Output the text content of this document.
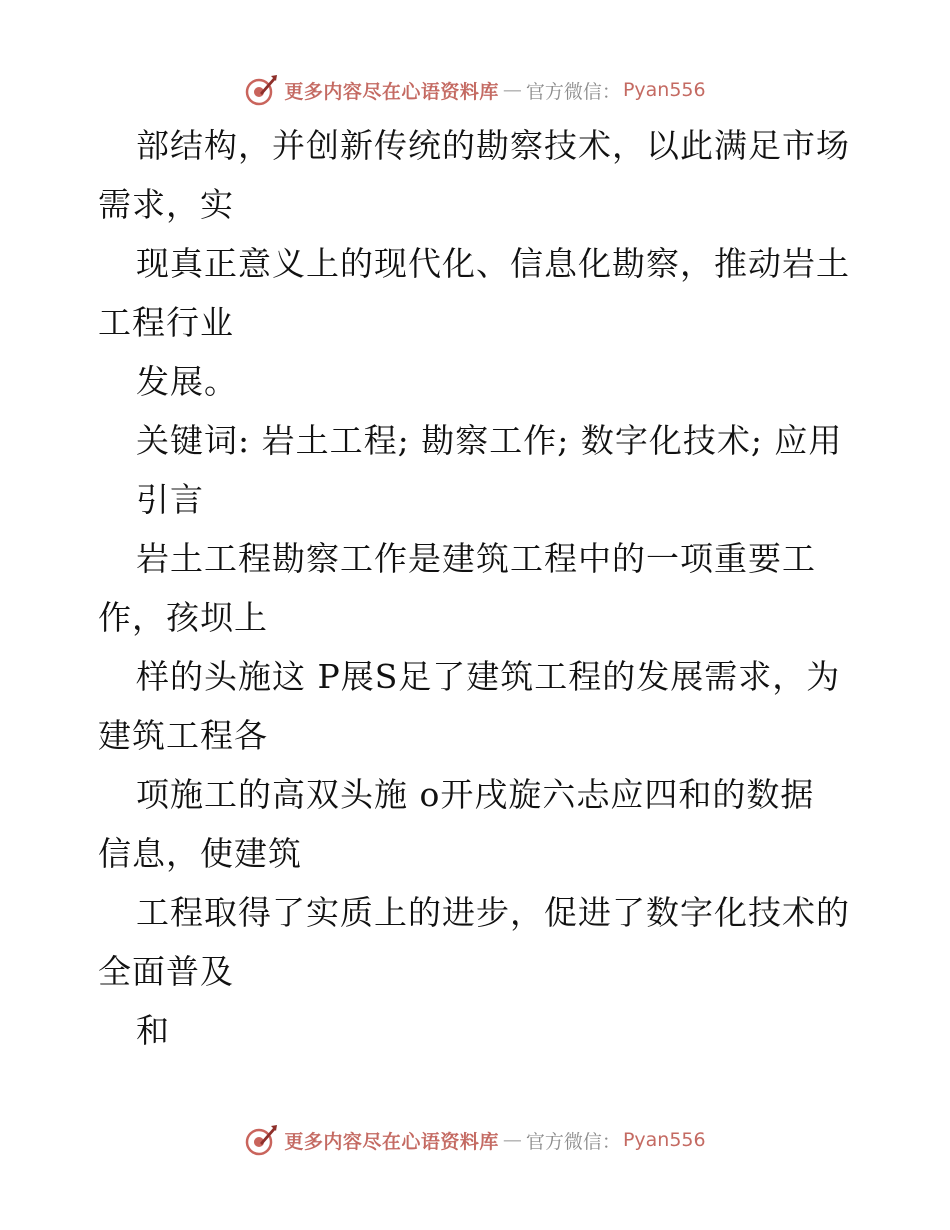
更多内容尽在心语资料库 — 官方微信： Pyan556
部结构，并创新传统的勘察技术，以此满足市场
需求，实
现真正意义上的现代化、信息化勘察，推动岩土
工程行业
发展。
关键词: 岩土工程; 勘察工作; 数字化技术; 应用
引言
岩土工程勘察工作是建筑工程中的一项重要工
作，孩坝上
样的头施这 P展S足了建筑工程的发展需求，为
建筑工程各
项施工的高双头施 o开戌旋六忐应四和的数据
信息，使建筑
工程取得了实质上的进步，促进了数字化技术的
全面普及
和
更多内容尽在心语资料库 — 官方微信： Pyan556
